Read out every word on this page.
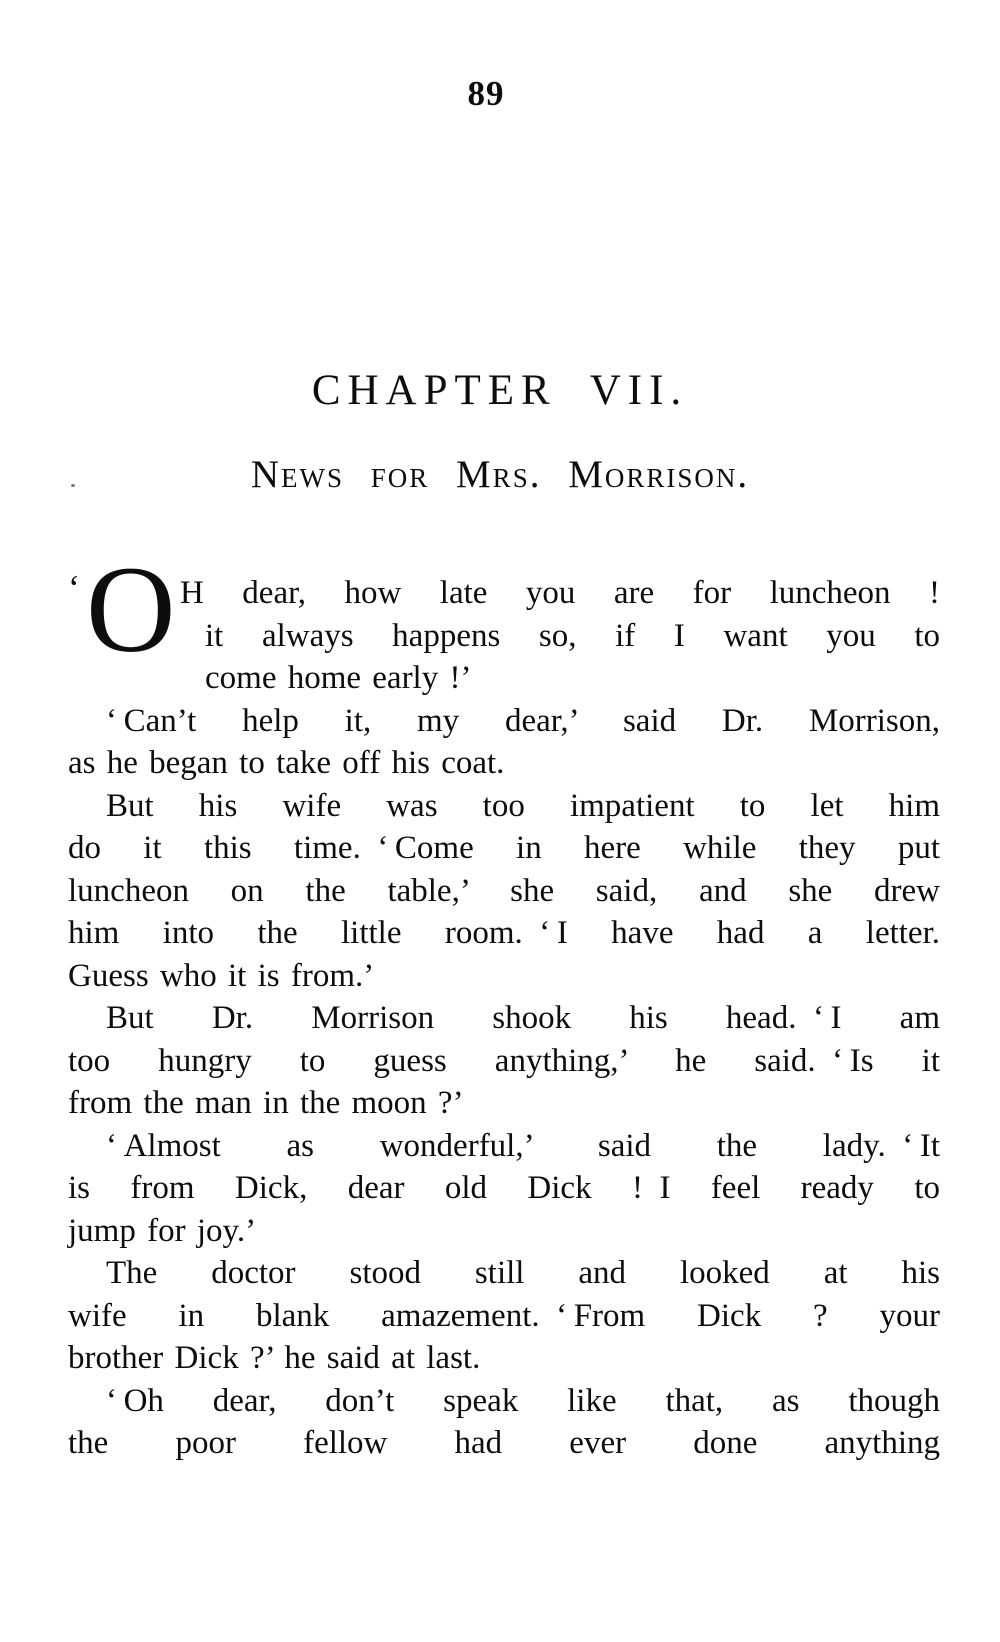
89
CHAPTER VII.
News for Mrs. Morrison.
‘ O H dear, how late you are for luncheon !
it always happens so, if I want you to
come home early !’
‘ Can’t help it, my dear,’ said Dr. Morrison,
as he began to take off his coat.
But his wife was too impatient to let him
do it this time. ‘ Come in here while they put
luncheon on the table,’ she said, and she drew
him into the little room. ‘ I have had a letter.
Guess who it is from.’
But Dr. Morrison shook his head. ‘ I am
too hungry to guess anything,’ he said. ‘ Is it
from the man in the moon ?’
‘ Almost as wonderful,’ said the lady. ‘ It
is from Dick, dear old Dick ! I feel ready to
jump for joy.’
The doctor stood still and looked at his
wife in blank amazement. ‘ From Dick ? your
brother Dick ?’ he said at last.
‘ Oh dear, don’t speak like that, as though
the poor fellow had ever done anything
